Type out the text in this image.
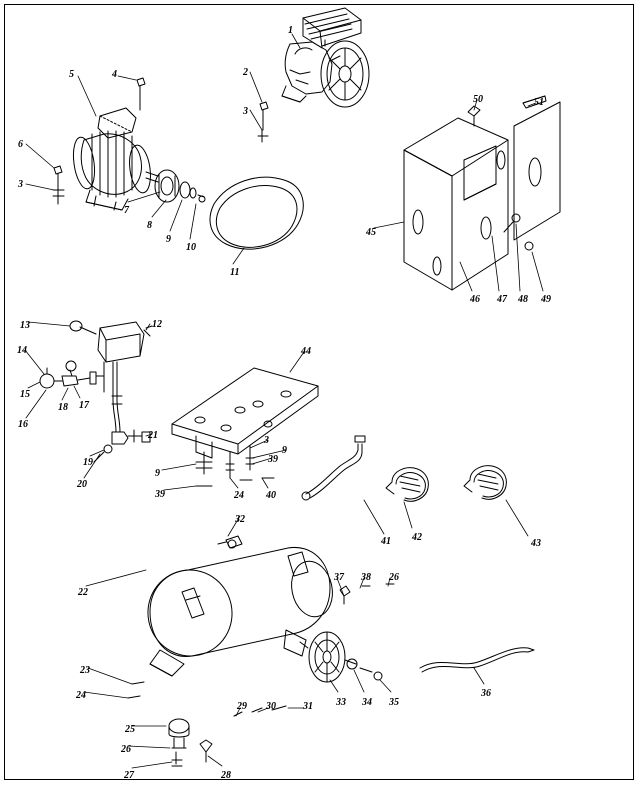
1
2
3
4
5
6
3
7
8
9
10
11
50	51
45
46 47 48 49
13	12
14
15
16
17
18
19
20
21
44
3
9
39
9
39	24 40
32
41 42
43
22
37 38 26
23
24
25
26
27	28
29 30	31 33 34 35
36
